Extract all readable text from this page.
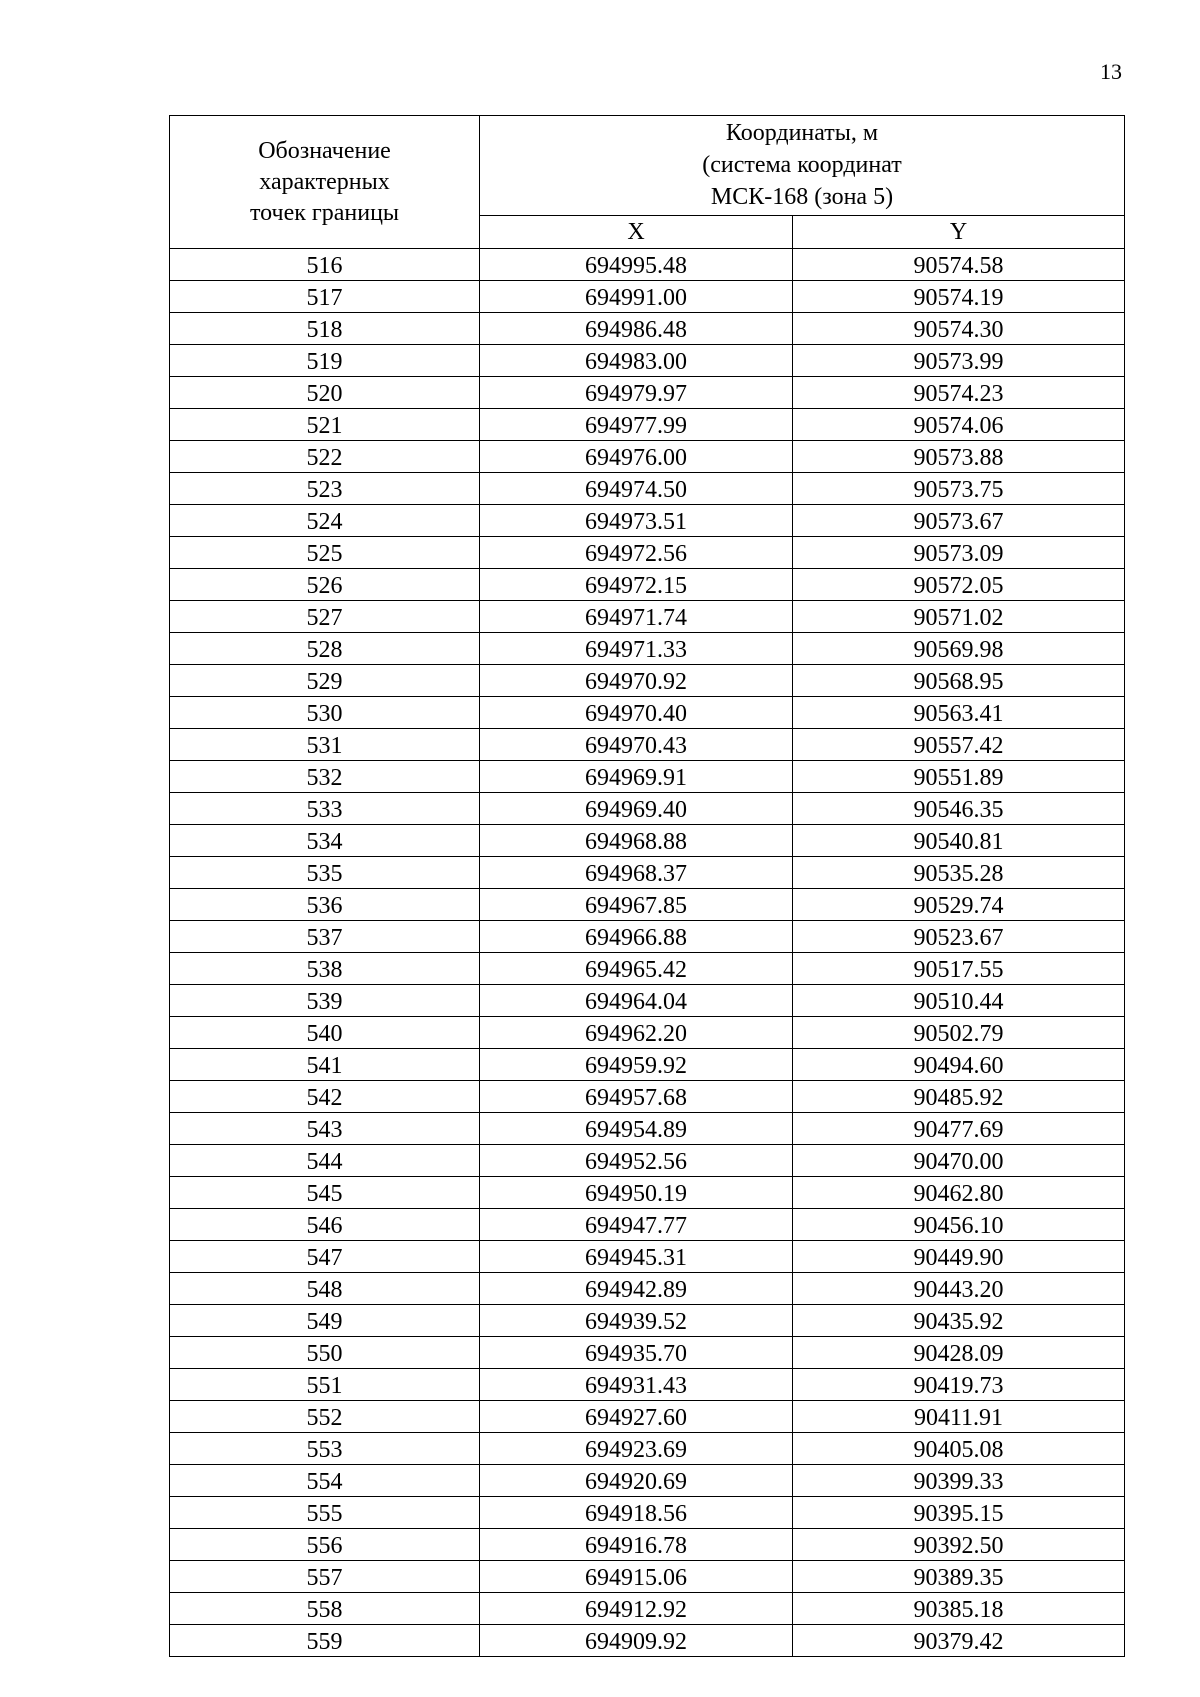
13
Обозначение
характерных
точек границы	Координаты, м
(система координат
МСК-168 (зона 5)	

	X	Y
516	694995.48	90574.58
517	694991.00	90574.19
518	694986.48	90574.30
519	694983.00	90573.99
520	694979.97	90574.23
521	694977.99	90574.06
522	694976.00	90573.88
523	694974.50	90573.75
524	694973.51	90573.67
525	694972.56	90573.09
526	694972.15	90572.05
527	694971.74	90571.02
528	694971.33	90569.98
529	694970.92	90568.95
530	694970.40	90563.41
531	694970.43	90557.42
532	694969.91	90551.89
533	694969.40	90546.35
534	694968.88	90540.81
535	694968.37	90535.28
536	694967.85	90529.74
537	694966.88	90523.67
538	694965.42	90517.55
539	694964.04	90510.44
540	694962.20	90502.79
541	694959.92	90494.60
542	694957.68	90485.92
543	694954.89	90477.69
544	694952.56	90470.00
545	694950.19	90462.80
546	694947.77	90456.10
547	694945.31	90449.90
548	694942.89	90443.20
549	694939.52	90435.92
550	694935.70	90428.09
551	694931.43	90419.73
552	694927.60	90411.91
553	694923.69	90405.08
554	694920.69	90399.33
555	694918.56	90395.15
556	694916.78	90392.50
557	694915.06	90389.35
558	694912.92	90385.18
559	694909.92	90379.42
